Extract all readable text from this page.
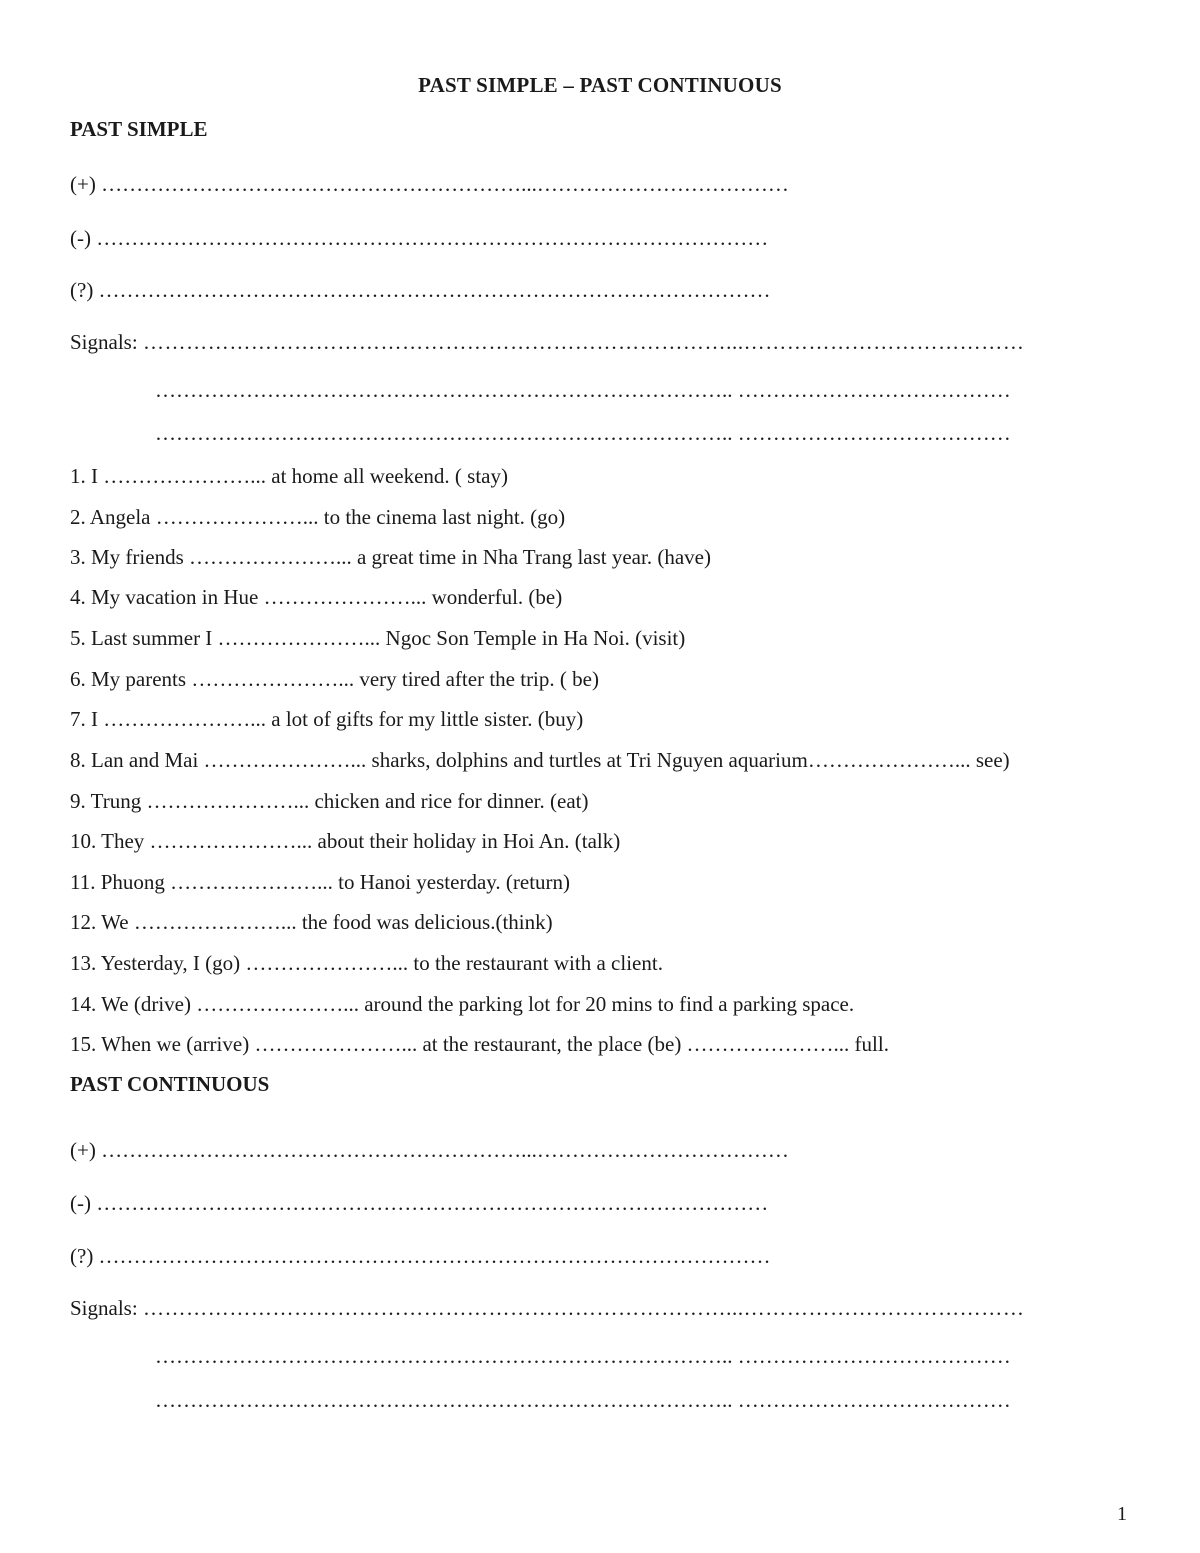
PAST SIMPLE – PAST CONTINUOUS
PAST SIMPLE
(+) ……………………………………………………...………………………………
(-) ……………………………………………………………………………………
(?) ……………………………………………………………………………………
Signals: ………………………………………………………………………...…………………………………
……………………………………………………………………….. …………………………………
……………………………………………………………………….. …………………………………
1. I …………………... at home all weekend. ( stay)
2. Angela …………………... to the cinema last night. (go)
3. My friends …………………... a great time in Nha Trang last year. (have)
4. My vacation in Hue …………………... wonderful. (be)
5. Last summer I …………………... Ngoc Son Temple in Ha Noi. (visit)
6. My parents …………………... very tired after the trip. ( be)
7. I …………………... a lot of gifts for my little sister. (buy)
8. Lan and Mai …………………... sharks, dolphins and turtles at Tri Nguyen aquarium…………………... see)
9. Trung …………………... chicken and rice for dinner. (eat)
10. They …………………... about their holiday in Hoi An. (talk)
11. Phuong …………………... to Hanoi yesterday. (return)
12. We …………………... the food was delicious.(think)
13. Yesterday, I (go) …………………... to the restaurant with a client.
14. We (drive) …………………... around the parking lot for 20 mins to find a parking space.
15. When we (arrive) …………………... at the restaurant, the place (be) …………………... full.
PAST CONTINUOUS
(+) ……………………………………………………...………………………………
(-) ……………………………………………………………………………………
(?) ……………………………………………………………………………………
Signals: ………………………………………………………………………...…………………………………
……………………………………………………………………….. …………………………………
……………………………………………………………………….. …………………………………
1
